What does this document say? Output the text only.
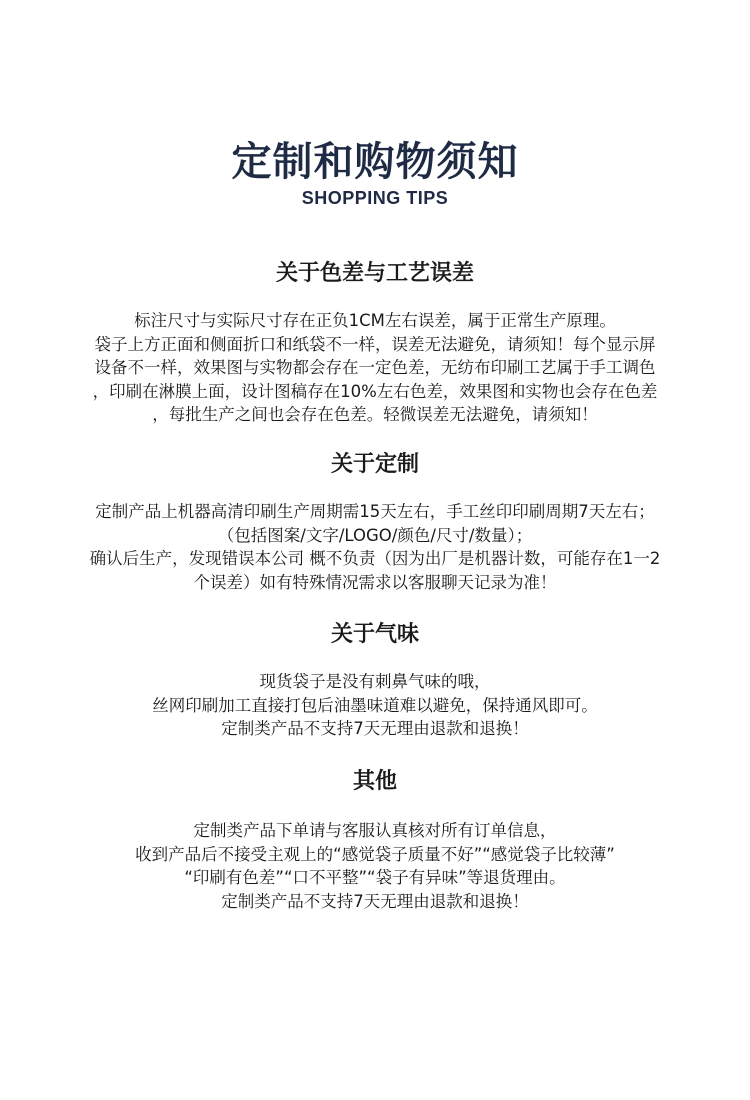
定制和购物须知
SHOPPING TIPS
关于色差与工艺误差
标注尺寸与实际尺寸存在正负1CM左右误差，属于正常生产原理。
袋子上方正面和侧面折口和纸袋不一样，误差无法避免，请须知！每个显示屏
设备不一样，效果图与实物都会存在一定色差，无纺布印刷工艺属于手工调色
，印刷在淋膜上面，设计图稿存在10%左右色差，效果图和实物也会存在色差
，每批生产之间也会存在色差。轻微误差无法避免，请须知！
关于定制
定制产品上机器高清印刷生产周期需15天左右，手工丝印印刷周期7天左右；
（包括图案/文字/LOGO/颜色/尺寸/数量）；
确认后生产，发现错误本公司 概不负责（因为出厂是机器计数，可能存在1一2
个误差）如有特殊情况需求以客服聊天记录为准！
关于气味
现货袋子是没有刺鼻气味的哦，
丝网印刷加工直接打包后油墨味道难以避免，保持通风即可。
定制类产品不支持7天无理由退款和退换！
其他
定制类产品下单请与客服认真核对所有订单信息，
收到产品后不接受主观上的“感觉袋子质量不好”“感觉袋子比较薄”
“印刷有色差”“口不平整”“袋子有异味”等退货理由。
定制类产品不支持7天无理由退款和退换！
